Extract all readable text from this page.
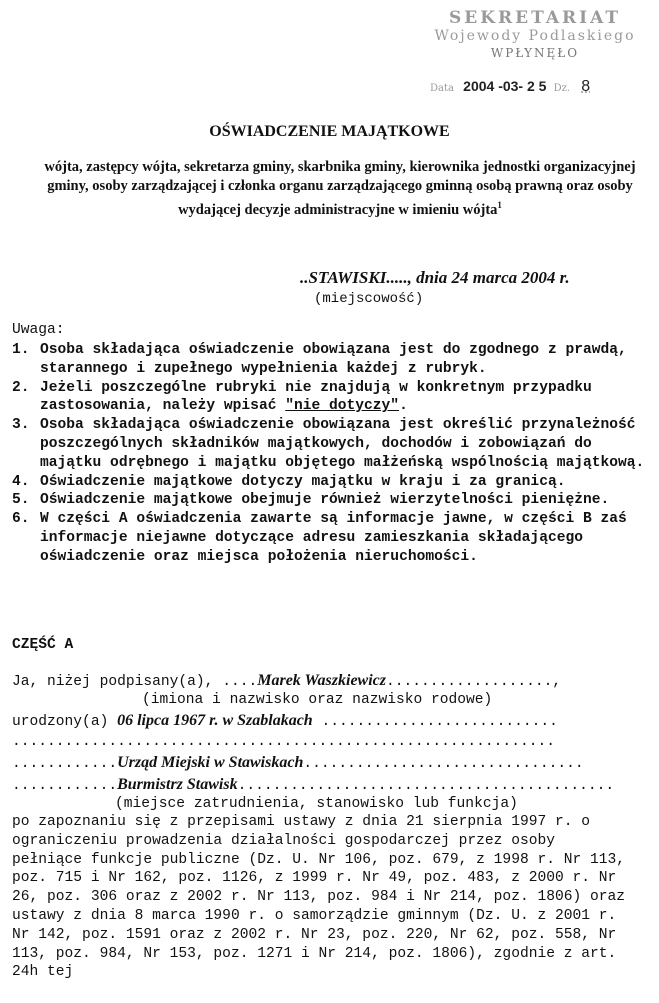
SEKRETARIAT
Wojewody Podlaskiego
WPŁYNĘŁO
Data 2004 -03- 2 5 Dz. 8
OŚWIADCZENIE MAJĄTKOWE
wójta, zastępcy wójta, sekretarza gminy, skarbnika gminy, kierownika jednostki organizacyjnej gminy, osoby zarządzającej i członka organu zarządzającego gminną osobą prawną oraz osoby wydającej decyzje administracyjne w imieniu wójta$^1$
..STAWISKI....., dnia 24 marca 2004 r.
(miejscowość)
Uwaga:
1. Osoba składająca oświadczenie obowiązana jest do zgodnego z prawdą, starannego i zupełnego wypełnienia każdej z rubryk.
2. Jeżeli poszczególne rubryki nie znajdują w konkretnym przypadku zastosowania, należy wpisać "nie dotyczy".
3. Osoba składająca oświadczenie obowiązana jest określić przynależność poszczególnych składników majątkowych, dochodów i zobowiązań do majątku odrębnego i majątku objętego małżeńską wspólnością majątkową.
4. Oświadczenie majątkowe dotyczy majątku w kraju i za granicą.
5. Oświadczenie majątkowe obejmuje również wierzytelności pieniężne.
6. W części A oświadczenia zawarte są informacje jawne, w części B zaś informacje niejawne dotyczące adresu zamieszkania składającego oświadczenie oraz miejsca położenia nieruchomości.
CZĘŚĆ A
Ja, niżej podpisany(a), ....Marek Waszkiewicz...................,
(imiona i nazwisko oraz nazwisko rodowe)
urodzony(a) 06 lipca 1967 r. w Szablakach ...........................
..............................................................
............Urząd Miejski w Stawiskach................................
............Burmistrz Stawisk...........................................
(miejsce zatrudnienia, stanowisko lub funkcja)
po zapoznaniu się z przepisami ustawy z dnia 21 sierpnia 1997 r. o ograniczeniu prowadzenia działalności gospodarczej przez osoby pełniące funkcje publiczne (Dz. U. Nr 106, poz. 679, z 1998 r. Nr 113, poz. 715 i Nr 162, poz. 1126, z 1999 r. Nr 49, poz. 483, z 2000 r. Nr 26, poz. 306 oraz z 2002 r. Nr 113, poz. 984 i Nr 214, poz. 1806) oraz ustawy z dnia 8 marca 1990 r. o samorządzie gminnym (Dz. U. z 2001 r. Nr 142, poz. 1591 oraz z 2002 r. Nr 23, poz. 220, Nr 62, poz. 558, Nr 113, poz. 984, Nr 153, poz. 1271 i Nr 214, poz. 1806), zgodnie z art. 24h tej
